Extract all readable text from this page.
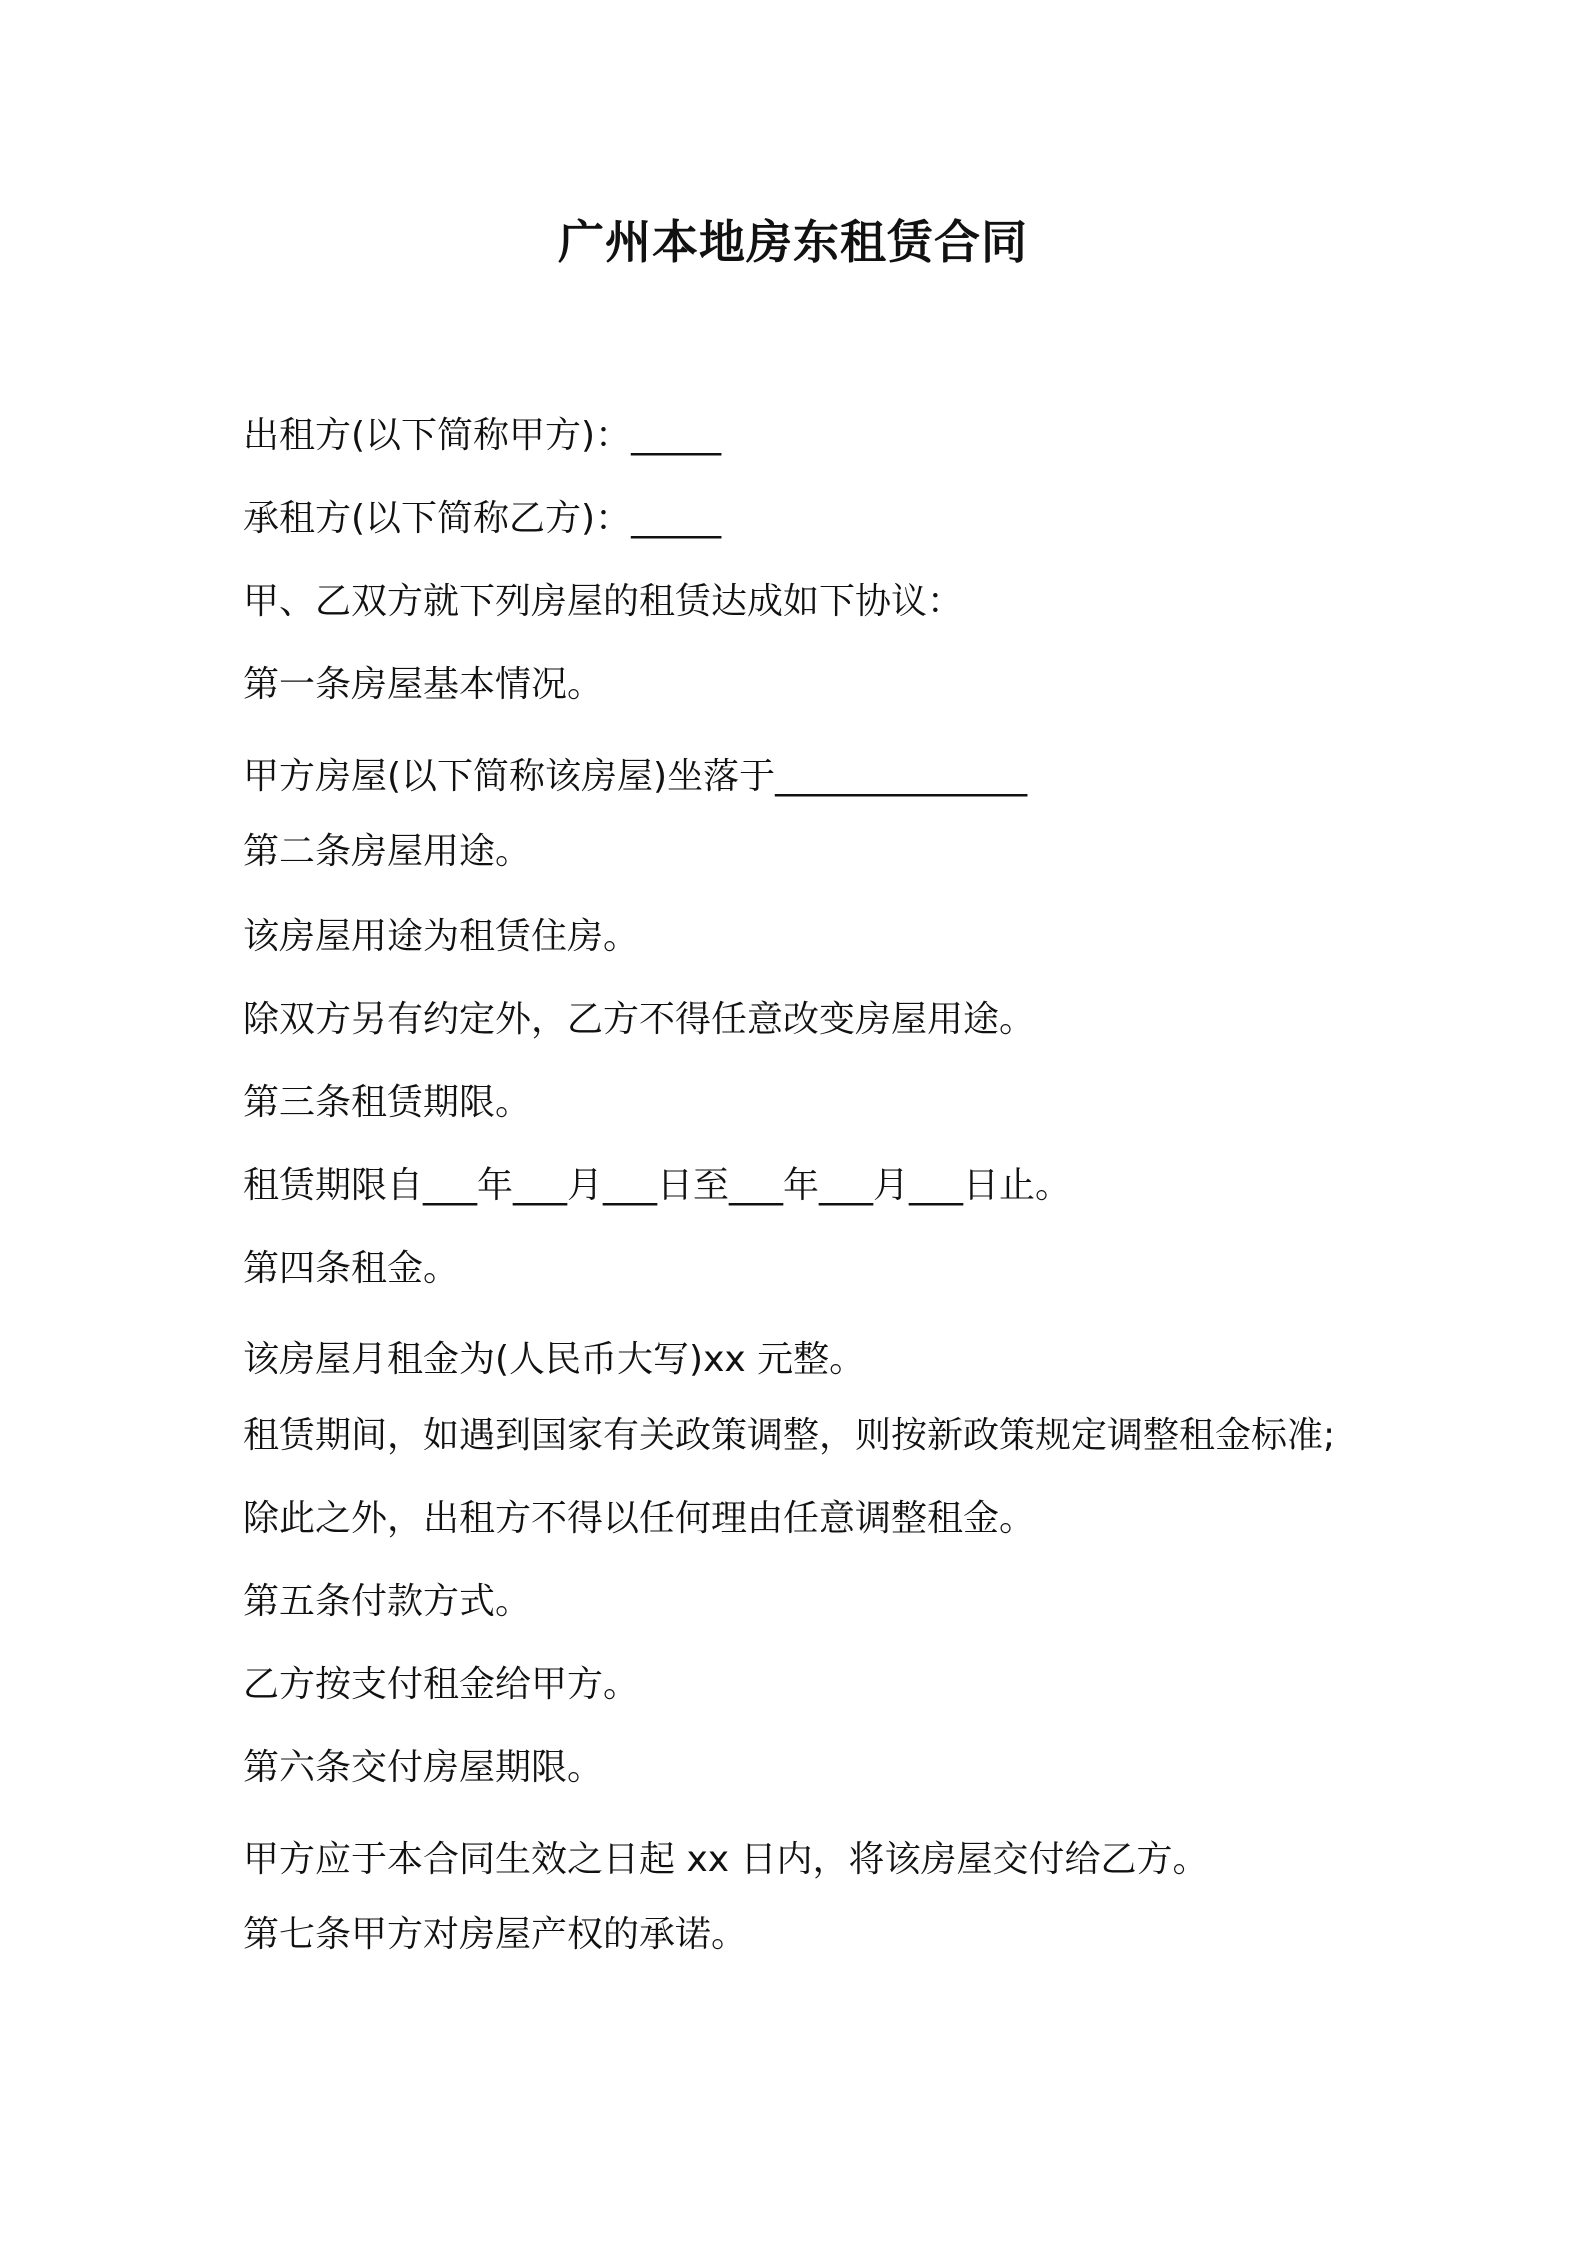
广州本地房东租赁合同
出租方(以下简称甲方)：_____
承租方(以下简称乙方)：_____
甲、乙双方就下列房屋的租赁达成如下协议：
第一条房屋基本情况。
甲方房屋(以下简称该房屋)坐落于______________
第二条房屋用途。
该房屋用途为租赁住房。
除双方另有约定外，乙方不得任意改变房屋用途。
第三条租赁期限。
租赁期限自___年___月___日至___年___月___日止。
第四条租金。
该房屋月租金为(人民币大写)xx 元整。
租赁期间，如遇到国家有关政策调整，则按新政策规定调整租金标准;
除此之外，出租方不得以任何理由任意调整租金。
第五条付款方式。
乙方按支付租金给甲方。
第六条交付房屋期限。
甲方应于本合同生效之日起 xx 日内，将该房屋交付给乙方。
第七条甲方对房屋产权的承诺。
